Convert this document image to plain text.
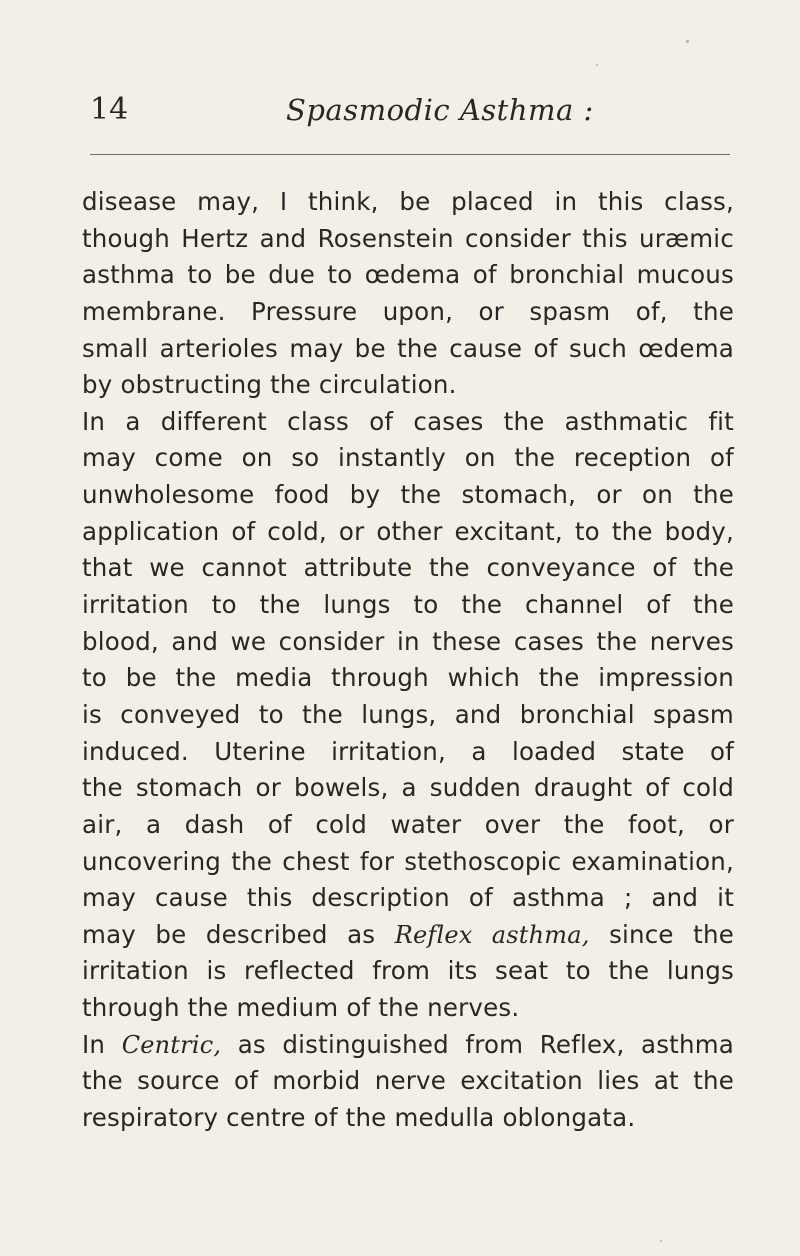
14	Spasmodic Asthma :
disease may, I think, be placed in this class,
though Hertz and Rosenstein consider this uræmic
asthma to be due to œdema of bronchial mucous
membrane. Pressure upon, or spasm of, the
small arterioles may be the cause of such œdema
by obstructing the circulation.
In a different class of cases the asthmatic fit
may come on so instantly on the reception of
unwholesome food by the stomach, or on the
application of cold, or other excitant, to the body,
that we cannot attribute the conveyance of the
irritation to the lungs to the channel of the
blood, and we consider in these cases the nerves
to be the media through which the impression
is conveyed to the lungs, and bronchial spasm
induced. Uterine irritation, a loaded state of
the stomach or bowels, a sudden draught of cold
air, a dash of cold water over the foot, or
uncovering the chest for stethoscopic examination,
may cause this description of asthma ; and it
may be described as Reflex asthma, since the
irritation is reflected from its seat to the lungs
through the medium of the nerves.
In Centric, as distinguished from Reflex, asthma
the source of morbid nerve excitation lies at the
respiratory centre of the medulla oblongata.
